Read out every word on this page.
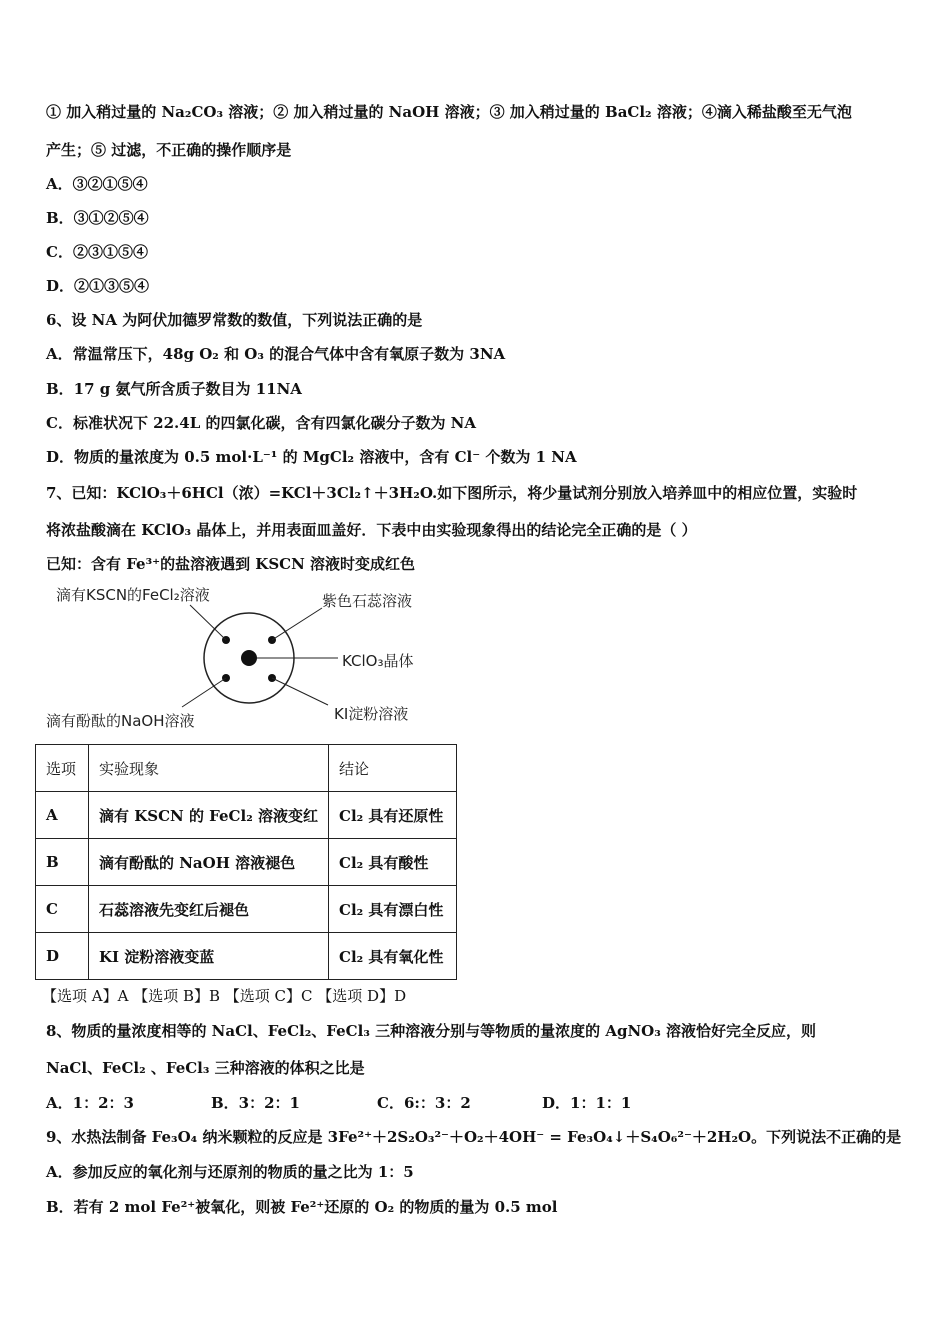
① 加入稍过量的 Na₂CO₃ 溶液；② 加入稍过量的 NaOH 溶液；③ 加入稍过量的 BaCl₂ 溶液；④滴入稀盐酸至无气泡
产生；⑤ 过滤，不正确的操作顺序是
A．③②①⑤④
B．③①②⑤④
C．②③①⑤④
D．②①③⑤④
6、设 NA 为阿伏加德罗常数的数值，下列说法正确的是
A．常温常压下，48g O₂ 和 O₃ 的混合气体中含有氧原子数为 3NA
B．17 g 氨气所含质子数目为 11NA
C．标准状况下 22.4L 的四氯化碳，含有四氯化碳分子数为 NA
D．物质的量浓度为 0.5 mol·L⁻¹ 的 MgCl₂ 溶液中，含有 Cl⁻ 个数为 1 NA
7、已知：KClO₃＋6HCl（浓）=KCl＋3Cl₂↑＋3H₂O.如下图所示，将少量试剂分别放入培养皿中的相应位置，实验时
将浓盐酸滴在 KClO₃ 晶体上，并用表面皿盖好．下表中由实验现象得出的结论完全正确的是（ ）
已知：含有 Fe³⁺的盐溶液遇到 KSCN 溶液时变成红色
滴有KSCN的FeCl₂溶液	紫色石蕊溶液
KClO₃晶体
滴有酚酞的NaOH溶液	KI淀粉溶液
选项	实验现象	结论
A	滴有 KSCN 的 FeCl₂ 溶液变红	Cl₂ 具有还原性
B	滴有酚酞的 NaOH 溶液褪色	Cl₂ 具有酸性
C	石蕊溶液先变红后褪色	Cl₂ 具有漂白性
D	KI 淀粉溶液变蓝	Cl₂ 具有氧化性
【选项 A】A 【选项 B】B 【选项 C】C 【选项 D】D
8、物质的量浓度相等的 NaCl、FeCl₂、FeCl₃ 三种溶液分别与等物质的量浓度的 AgNO₃ 溶液恰好完全反应，则
NaCl、FeCl₂ 、FeCl₃ 三种溶液的体积之比是
A．1：2：3	B．3：2：1	C．6:：3：2	D．1：1：1
9、水热法制备 Fe₃O₄ 纳米颗粒的反应是 3Fe²⁺＋2S₂O₃²⁻＋O₂＋4OH⁻ = Fe₃O₄↓＋S₄O₆²⁻＋2H₂O。下列说法不正确的是
A．参加反应的氧化剂与还原剂的物质的量之比为 1：5
B．若有 2 mol Fe²⁺被氧化，则被 Fe²⁺还原的 O₂ 的物质的量为 0.5 mol
